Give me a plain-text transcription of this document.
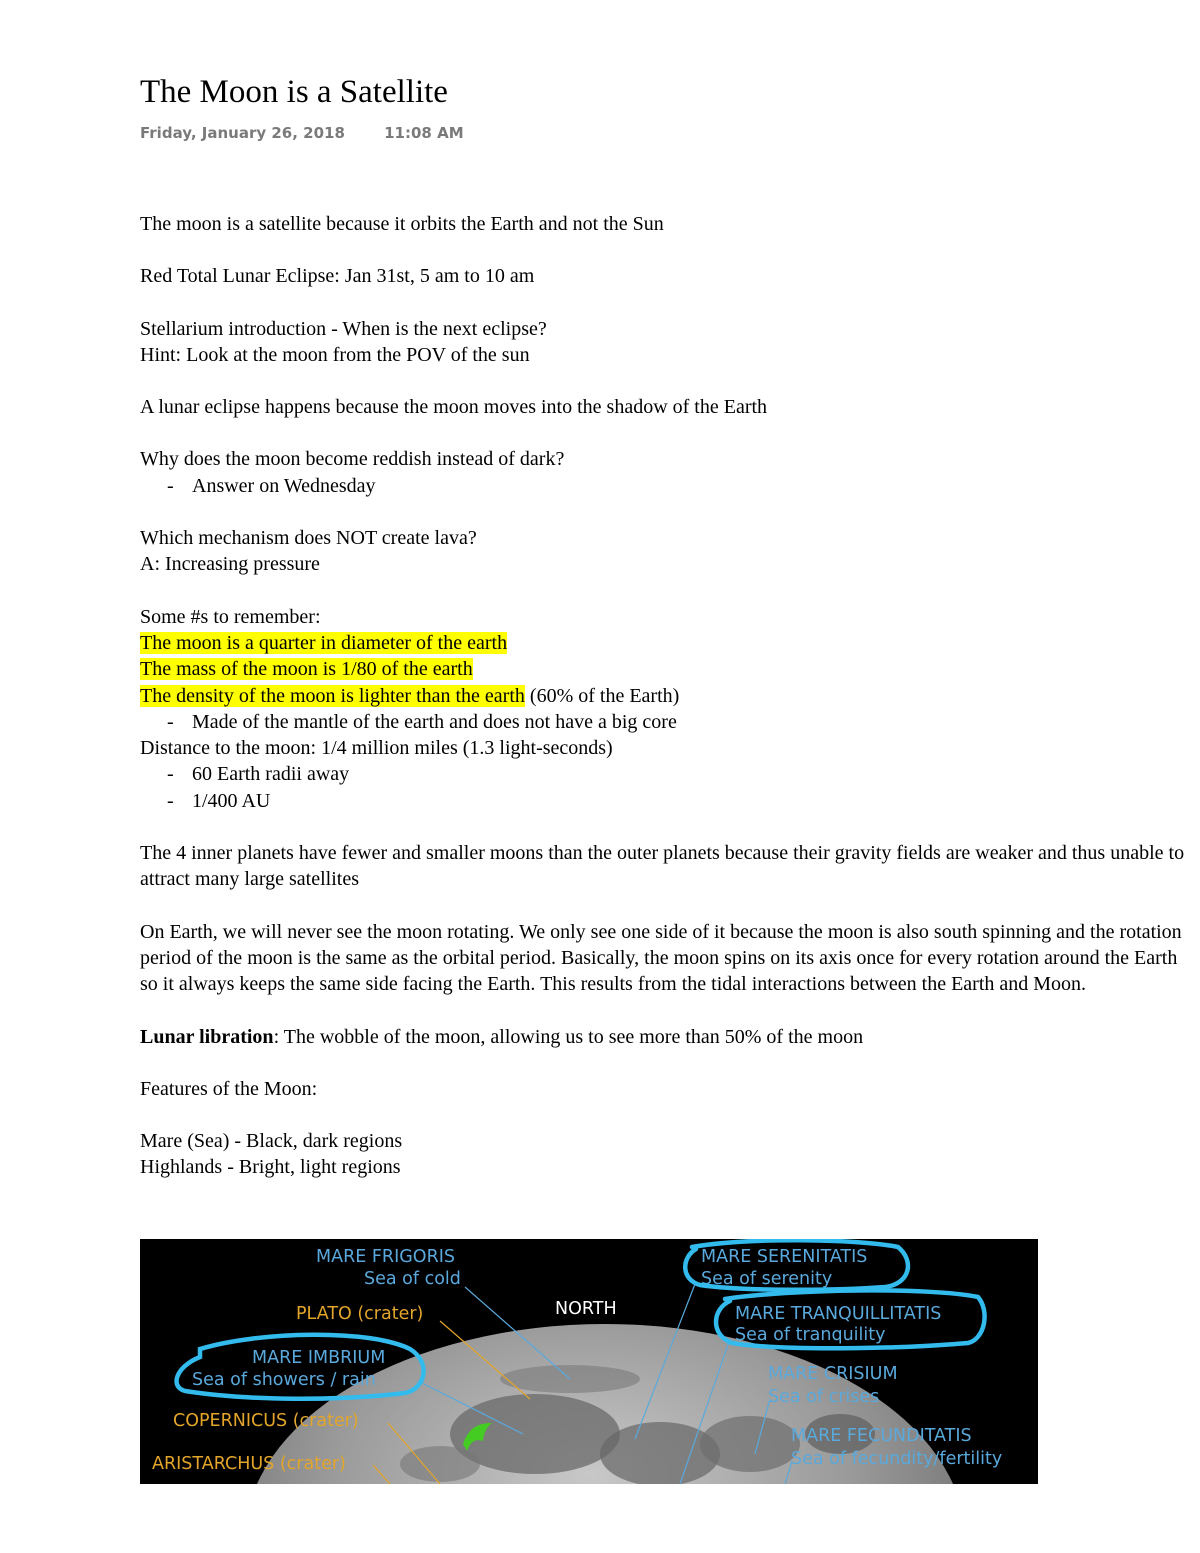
The Moon is a Satellite
Friday, January 26, 2018	11:08 AM

The moon is a satellite because it orbits the Earth and not the Sun

Red Total Lunar Eclipse: Jan 31st, 5 am to 10 am

Stellarium introduction - When is the next eclipse?

Hint: Look at the moon from the POV of the sun

A lunar eclipse happens because the moon moves into the shadow of the Earth

Why does the moon become reddish instead of dark?

- Answer on Wednesday

Which mechanism does NOT create lava?

A: Increasing pressure

Some #s to remember:

The moon is a quarter in diameter of the earth

The mass of the moon is 1/80 of the earth

The density of the moon is lighter than the earth (60% of the Earth)

- Made of the mantle of the earth and does not have a big core

Distance to the moon: 1/4 million miles (1.3 light-seconds)

- 60 Earth radii away

- 1/400 AU

The 4 inner planets have fewer and smaller moons than the outer planets because their gravity fields are weaker and thus unable to attract many large satellites

On Earth, we will never see the moon rotating. We only see one side of it because the moon is also south spinning and the rotation period of the moon is the same as the orbital period. Basically, the moon spins on its axis once for every rotation around the Earth so it always keeps the same side facing the Earth. This results from the tidal interactions between the Earth and Moon.

Lunar libration: The wobble of the moon, allowing us to see more than 50% of the moon

Features of the Moon:

Mare (Sea) - Black, dark regions

Highlands - Bright, light regions

MARE FRIGORIS
Sea of cold
PLATO (crater)	NORTH
MARE IMBRIUM
Sea of showers / rain
COPERNICUS (crater)
ARISTARCHUS (crater)
MARE SERENITATIS
Sea of serenity
MARE TRANQUILLITATIS
Sea of tranquility
MARE CRISIUM
Sea of crises
MARE FECUNDITATIS
Sea of fecundity/fertility
